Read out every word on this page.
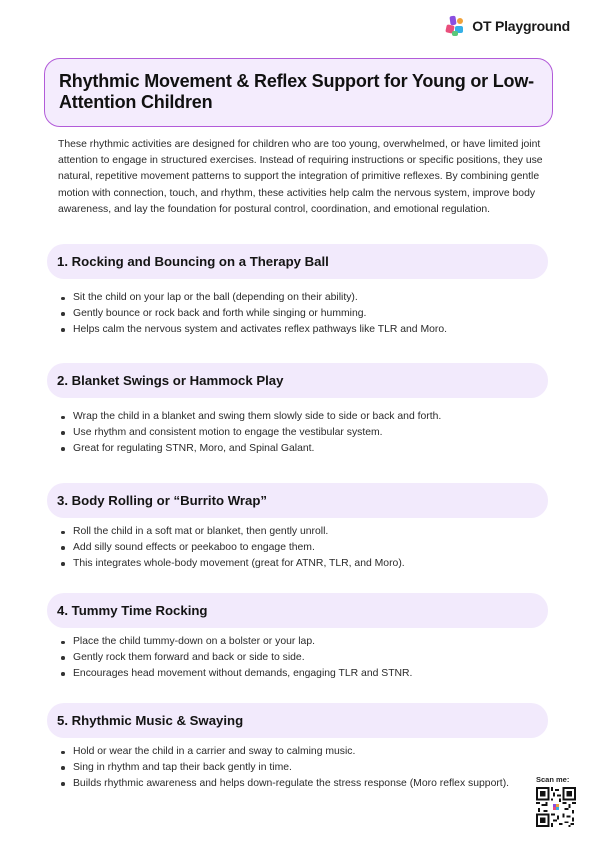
OT Playground
Rhythmic Movement & Reflex Support for Young or Low-Attention Children

These rhythmic activities are designed for children who are too young, overwhelmed, or have limited joint attention to engage in structured exercises. Instead of requiring instructions or specific positions, they use natural, repetitive movement patterns to support the integration of primitive reflexes. By combining gentle motion with connection, touch, and rhythm, these activities help calm the nervous system, improve body awareness, and lay the foundation for postural control, coordination, and emotional regulation.

1. Rocking and Bouncing on a Therapy Ball
Sit the child on your lap or the ball (depending on their ability).
Gently bounce or rock back and forth while singing or humming.
Helps calm the nervous system and activates reflex pathways like TLR and Moro.
2. Blanket Swings or Hammock Play
Wrap the child in a blanket and swing them slowly side to side or back and forth.
Use rhythm and consistent motion to engage the vestibular system.
Great for regulating STNR, Moro, and Spinal Galant.
3. Body Rolling or “Burrito Wrap”
Roll the child in a soft mat or blanket, then gently unroll.
Add silly sound effects or peekaboo to engage them.
This integrates whole-body movement (great for ATNR, TLR, and Moro).
4. Tummy Time Rocking
Place the child tummy-down on a bolster or your lap.
Gently rock them forward and back or side to side.
Encourages head movement without demands, engaging TLR and STNR.
5. Rhythmic Music & Swaying
Hold or wear the child in a carrier and sway to calming music.
Sing in rhythm and tap their back gently in time.
Builds rhythmic awareness and helps down-regulate the stress response (Moro reflex support).	Scan me:
